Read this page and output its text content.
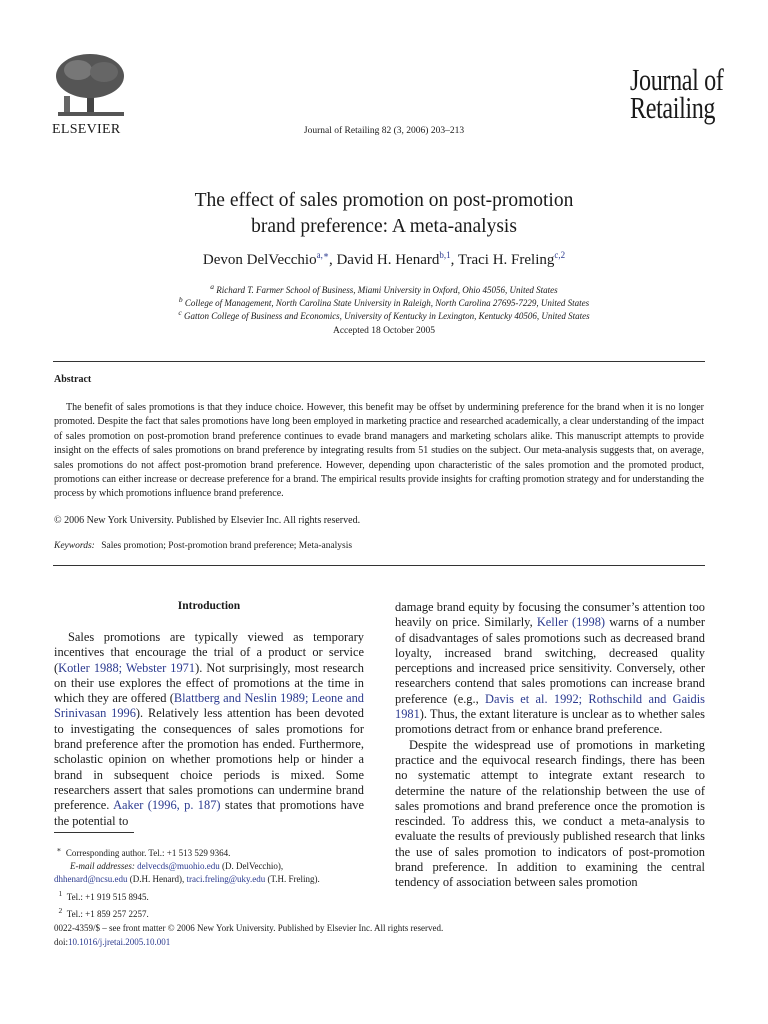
ELSEVIER	Journal of Retailing 82 (3, 2006) 203–213
Journal of
Retailing
The effect of sales promotion on post-promotion
brand preference: A meta-analysis
Devon DelVecchio$^{a,∗}$, David H. Henard$^{b,1}$, Traci H. Freling$^{c,2}$
$^a$ Richard T. Farmer School of Business, Miami University in Oxford, Ohio 45056, United States
$^b$ College of Management, North Carolina State University in Raleigh, North Carolina 27695-7229, United States
$^c$ Gatton College of Business and Economics, University of Kentucky in Lexington, Kentucky 40506, United States
Accepted 18 October 2005
Abstract

The benefit of sales promotions is that they induce choice. However, this benefit may be offset by undermining preference for the brand when it is no longer promoted. Despite the fact that sales promotions have long been employed in marketing practice and researched academically, a clear understanding of the impact of sales promotion on post-promotion brand preference continues to evade brand managers and marketing scholars alike. This manuscript attempts to provide insight on the effects of sales promotions on brand preference by integrating results from 51 studies on the subject. Our meta-analysis suggests that, on average, sales promotions do not affect post-promotion brand preference. However, depending upon characteristic of the sales promotion and the promoted product, promotions can either increase or decrease preference for a brand. The empirical results provide insights for crafting promotion strategy and for understanding the process by which promotions influence brand preference.

© 2006 New York University. Published by Elsevier Inc. All rights reserved.
Keywords: Sales promotion; Post-promotion brand preference; Meta-analysis
Introduction

Sales promotions are typically viewed as temporary incentives that encourage the trial of a product or service (Kotler 1988; Webster 1971). Not surprisingly, most research on their use explores the effect of promotions at the time in which they are offered (Blattberg and Neslin 1989; Leone and Srinivasan 1996). Relatively less attention has been devoted to investigating the consequences of sales promotions for brand preference after the promotion has ended. Furthermore, scholastic opinion on whether promotions help or hinder a brand in subsequent choice periods is mixed. Some researchers assert that sales promotions can undermine brand preference. Aaker (1996, p. 187) states that promotions have the potential to

damage brand equity by focusing the consumer’s attention too heavily on price. Similarly, Keller (1998) warns of a number of disadvantages of sales promotions such as decreased brand loyalty, increased brand switching, decreased quality perceptions and increased price sensitivity. Conversely, other researchers contend that sales promotions can increase brand preference (e.g., Davis et al. 1992; Rothschild and Gaidis 1981). Thus, the extant literature is unclear as to whether sales promotions detract from or enhance brand preference.

Despite the widespread use of promotions in marketing practice and the equivocal research findings, there has been no systematic attempt to integrate extant research to determine the nature of the relationship between the use of sales promotions and brand preference once the promotion is rescinded. To address this, we conduct a meta-analysis to evaluate the results of previously published research that links the use of sales promotion to indicators of post-promotion brand preference. In addition to examining the central tendency of association between sales promotion

∗ Corresponding author. Tel.: +1 513 529 9364.
E-mail addresses: delvecds@muohio.edu (D. DelVecchio),
dhhenard@ncsu.edu (D.H. Henard), traci.freling@uky.edu (T.H. Freling).
$^1$ Tel.: +1 919 515 8945.
$^2$ Tel.: +1 859 257 2257.
0022-4359/$ – see front matter © 2006 New York University. Published by Elsevier Inc. All rights reserved.
doi:10.1016/j.jretai.2005.10.001
